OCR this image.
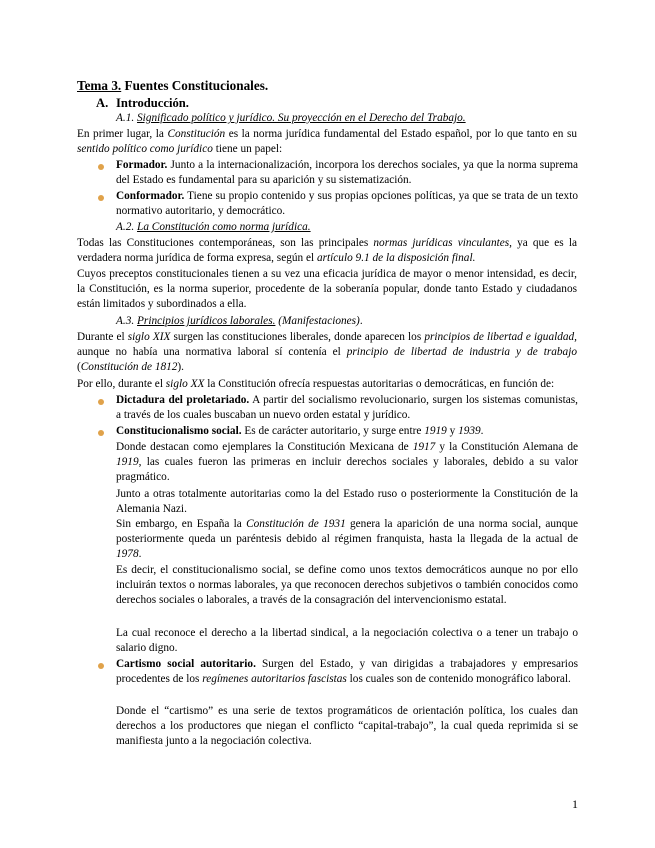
Tema 3. Fuentes Constitucionales.
A. Introducción.
A.1. Significado político y jurídico. Su proyección en el Derecho del Trabajo.

En primer lugar, la Constitución es la norma jurídica fundamental del Estado español, por lo que tanto en su sentido político como jurídico tiene un papel:

Formador. Junto a la internacionalización, incorpora los derechos sociales, ya que la norma suprema del Estado es fundamental para su aparición y su sistematización.

Conformador. Tiene su propio contenido y sus propias opciones políticas, ya que se trata de un texto normativo autoritario, y democrático.

A.2. La Constitución como norma jurídica.

Todas las Constituciones contemporáneas, son las principales normas jurídicas vinculantes, ya que es la verdadera norma jurídica de forma expresa, según el artículo 9.1 de la disposición final.

Cuyos preceptos constitucionales tienen a su vez una eficacia jurídica de mayor o menor intensidad, es decir, la Constitución, es la norma superior, procedente de la soberanía popular, donde tanto Estado y ciudadanos están limitados y subordinados a ella.

A.3. Principios jurídicos laborales. (Manifestaciones).

Durante el siglo XIX surgen las constituciones liberales, donde aparecen los principios de libertad e igualdad, aunque no había una normativa laboral sí contenía el principio de libertad de industria y de trabajo (Constitución de 1812).

Por ello, durante el siglo XX la Constitución ofrecía respuestas autoritarias o democráticas, en función de:

Dictadura del proletariado. A partir del socialismo revolucionario, surgen los sistemas comunistas, a través de los cuales buscaban un nuevo orden estatal y jurídico.

Constitucionalismo social. Es de carácter autoritario, y surge entre 1919 y 1939.

Donde destacan como ejemplares la Constitución Mexicana de 1917 y la Constitución Alemana de 1919, las cuales fueron las primeras en incluir derechos sociales y laborales, debido a su valor pragmático.

Junto a otras totalmente autoritarias como la del Estado ruso o posteriormente la Constitución de la Alemania Nazi.

Sin embargo, en España la Constitución de 1931 genera la aparición de una norma social, aunque posteriormente queda un paréntesis debido al régimen franquista, hasta la llegada de la actual de 1978.

Es decir, el constitucionalismo social, se define como unos textos democráticos aunque no por ello incluirán textos o normas laborales, ya que reconocen derechos subjetivos o también conocidos como derechos sociales o laborales, a través de la consagración del intervencionismo estatal.

La cual reconoce el derecho a la libertad sindical, a la negociación colectiva o a tener un trabajo o salario digno.

Cartismo social autoritario. Surgen del Estado, y van dirigidas a trabajadores y empresarios procedentes de los regímenes autoritarios fascistas los cuales son de contenido monográfico laboral.

Donde el “cartismo” es una serie de textos programáticos de orientación política, los cuales dan derechos a los productores que niegan el conflicto “capital-trabajo”, la cual queda reprimida si se manifiesta junto a la negociación colectiva.

1
